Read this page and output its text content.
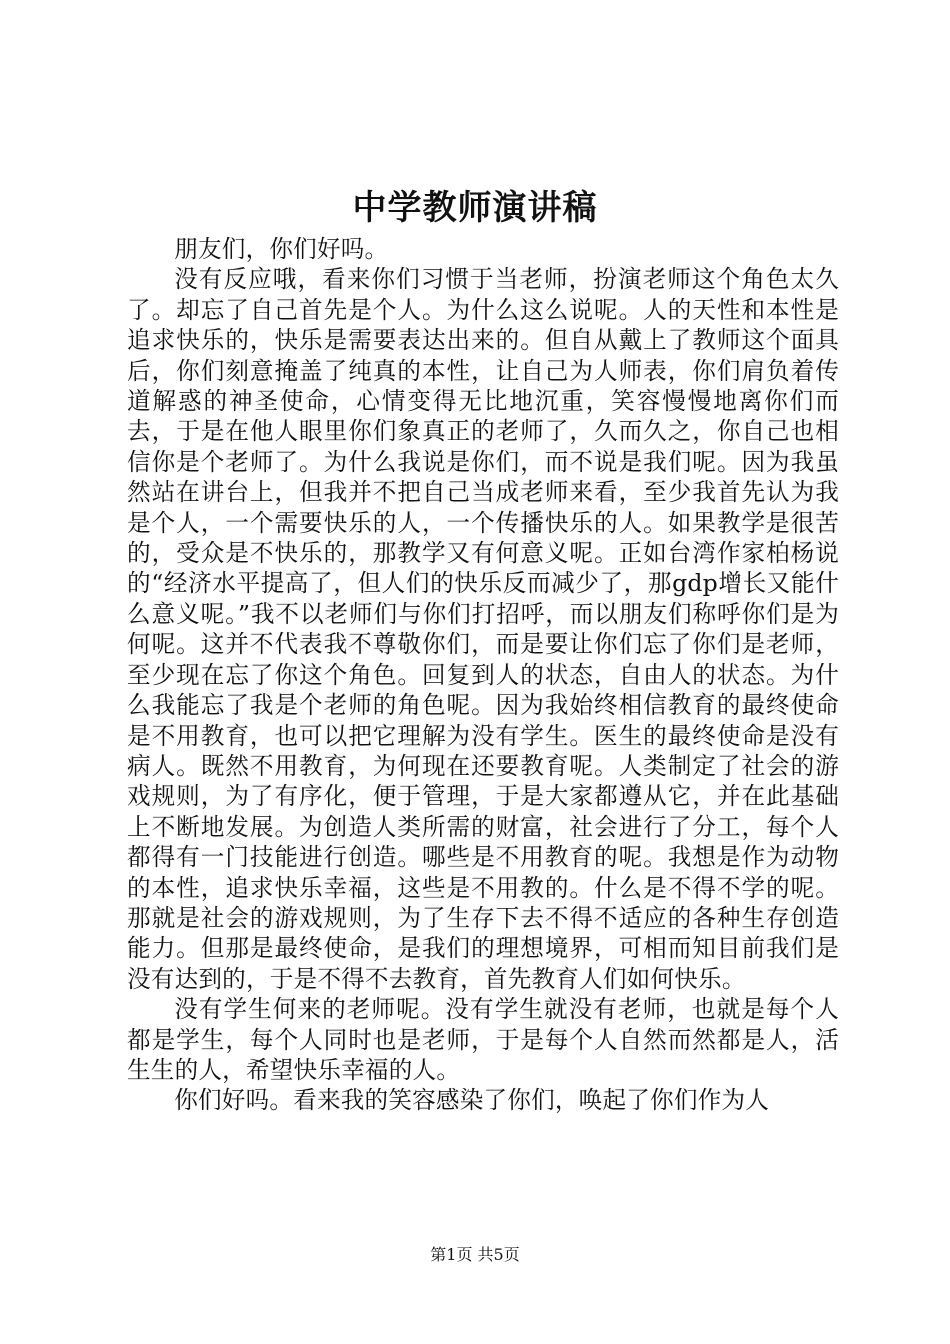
中学教师演讲稿

朋友们，你们好吗。

没有反应哦，看来你们习惯于当老师，扮演老师这个角色太久了。却忘了自己首先是个人。为什么这么说呢。人的天性和本性是追求快乐的，快乐是需要表达出来的。但自从戴上了教师这个面具后，你们刻意掩盖了纯真的本性，让自己为人师表，你们肩负着传道解惑的神圣使命，心情变得无比地沉重，笑容慢慢地离你们而去，于是在他人眼里你们象真正的老师了，久而久之，你自己也相信你是个老师了。为什么我说是你们，而不说是我们呢。因为我虽然站在讲台上，但我并不把自己当成老师来看，至少我首先认为我是个人，一个需要快乐的人，一个传播快乐的人。如果教学是很苦的，受众是不快乐的，那教学又有何意义呢。正如台湾作家柏杨说的“经济水平提高了，但人们的快乐反而减少了，那gdp增长又能什么意义呢。”我不以老师们与你们打招呼，而以朋友们称呼你们是为何呢。这并不代表我不尊敬你们，而是要让你们忘了你们是老师，至少现在忘了你这个角色。回复到人的状态，自由人的状态。为什么我能忘了我是个老师的角色呢。因为我始终相信教育的最终使命是不用教育，也可以把它理解为没有学生。医生的最终使命是没有病人。既然不用教育，为何现在还要教育呢。人类制定了社会的游戏规则，为了有序化，便于管理，于是大家都遵从它，并在此基础上不断地发展。为创造人类所需的财富，社会进行了分工，每个人都得有一门技能进行创造。哪些是不用教育的呢。我想是作为动物的本性，追求快乐幸福，这些是不用教的。什么是不得不学的呢。那就是社会的游戏规则，为了生存下去不得不适应的各种生存创造能力。但那是最终使命，是我们的理想境界，可相而知目前我们是没有达到的，于是不得不去教育，首先教育人们如何快乐。

没有学生何来的老师呢。没有学生就没有老师，也就是每个人都是学生，每个人同时也是老师，于是每个人自然而然都是人，活生生的人，希望快乐幸福的人。

你们好吗。看来我的笑容感染了你们，唤起了你们作为人

第1页 共5页
